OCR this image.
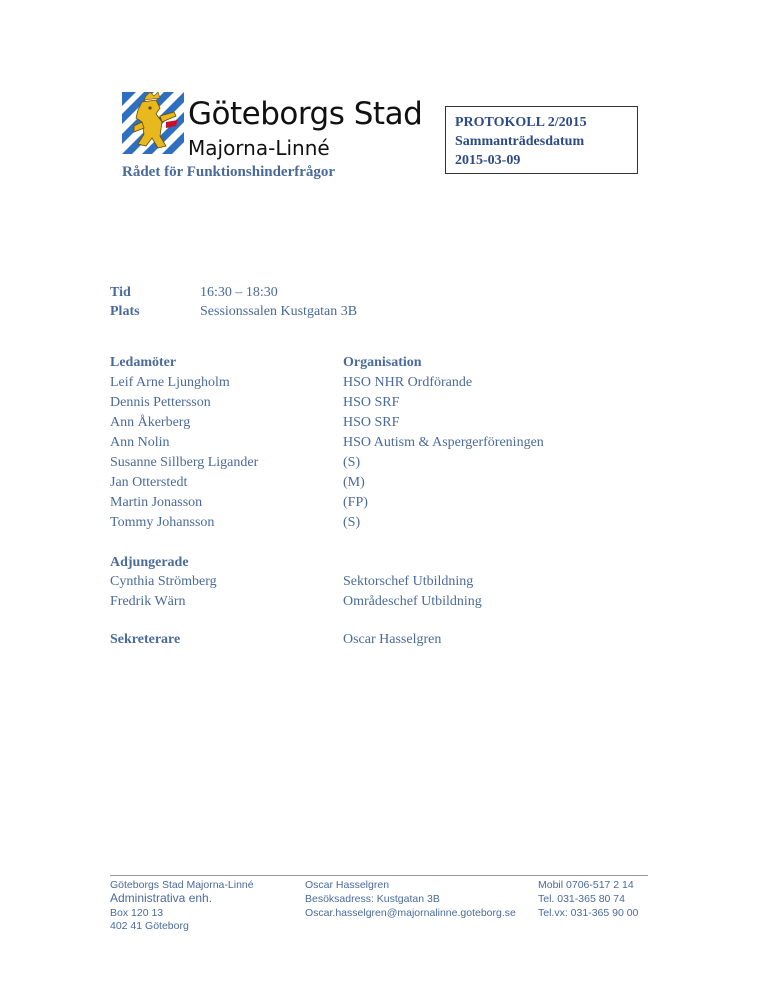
Göteborgs Stad
Majorna-Linné
Rådet för Funktionshinderfrågor
PROTOKOLL 2/2015
Sammanträdesdatum
2015-03-09
Tid	16:30 – 18:30
Plats	Sessionssalen Kustgatan 3B
Ledamöter	Organisation
Leif Arne Ljungholm	HSO NHR Ordförande
Dennis Pettersson	HSO SRF
Ann Åkerberg	HSO SRF
Ann Nolin	HSO Autism & Aspergerföreningen
Susanne Sillberg Ligander	(S)
Jan Otterstedt	(M)
Martin Jonasson	(FP)
Tommy Johansson	(S)
Adjungerade
Cynthia Strömberg	Sektorschef Utbildning
Fredrik Wärn	Områdeschef Utbildning
Sekreterare	Oscar Hasselgren
Göteborgs Stad Majorna-Linné
Administrativa enh.
Box 120 13
402 41 Göteborg
Oscar Hasselgren
Besöksadress: Kustgatan 3B
Oscar.hasselgren@majornalinne.goteborg.se
Mobil 0706-517 2 14
Tel. 031-365 80 74
Tel.vx: 031-365 90 00
